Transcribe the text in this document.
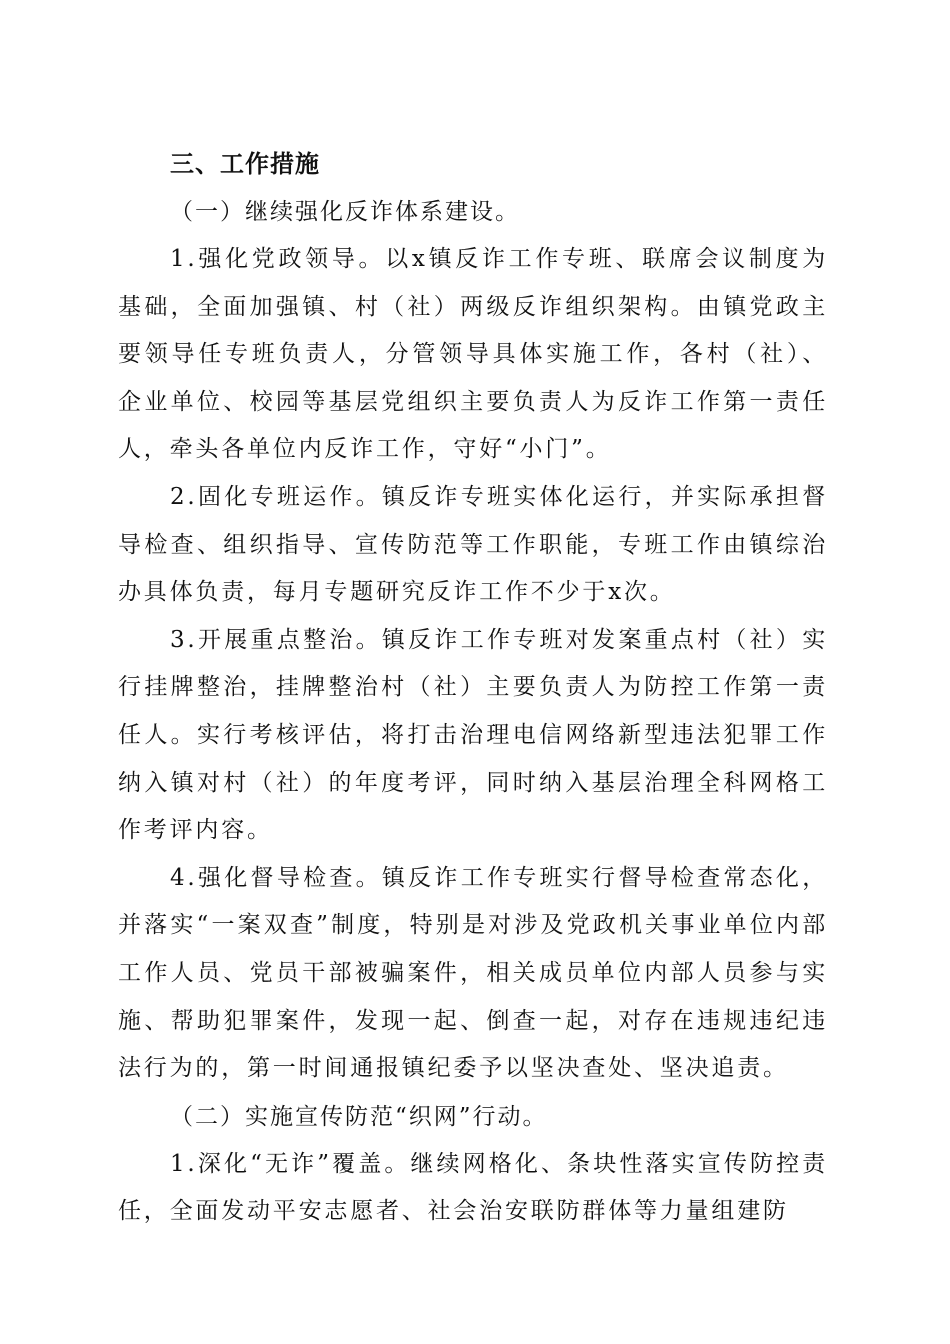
三、工作措施

（一）继续强化反诈体系建设。

1.强化党政领导。以x镇反诈工作专班、联席会议制度为基础，全面加强镇、村（社）两级反诈组织架构。由镇党政主要领导任专班负责人，分管领导具体实施工作，各村（社）、企业单位、校园等基层党组织主要负责人为反诈工作第一责任人，牵头各单位内反诈工作，守好“小门”。

2.固化专班运作。镇反诈专班实体化运行，并实际承担督导检查、组织指导、宣传防范等工作职能，专班工作由镇综治办具体负责，每月专题研究反诈工作不少于x次。

3.开展重点整治。镇反诈工作专班对发案重点村（社）实行挂牌整治，挂牌整治村（社）主要负责人为防控工作第一责任人。实行考核评估，将打击治理电信网络新型违法犯罪工作纳入镇对村（社）的年度考评，同时纳入基层治理全科网格工作考评内容。

4.强化督导检查。镇反诈工作专班实行督导检查常态化，并落实“一案双查”制度，特别是对涉及党政机关事业单位内部工作人员、党员干部被骗案件，相关成员单位内部人员参与实施、帮助犯罪案件，发现一起、倒查一起，对存在违规违纪违法行为的，第一时间通报镇纪委予以坚决查处、坚决追责。

（二）实施宣传防范“织网”行动。

1.深化“无诈”覆盖。继续网格化、条块性落实宣传防控责任，全面发动平安志愿者、社会治安联防群体等力量组建防
